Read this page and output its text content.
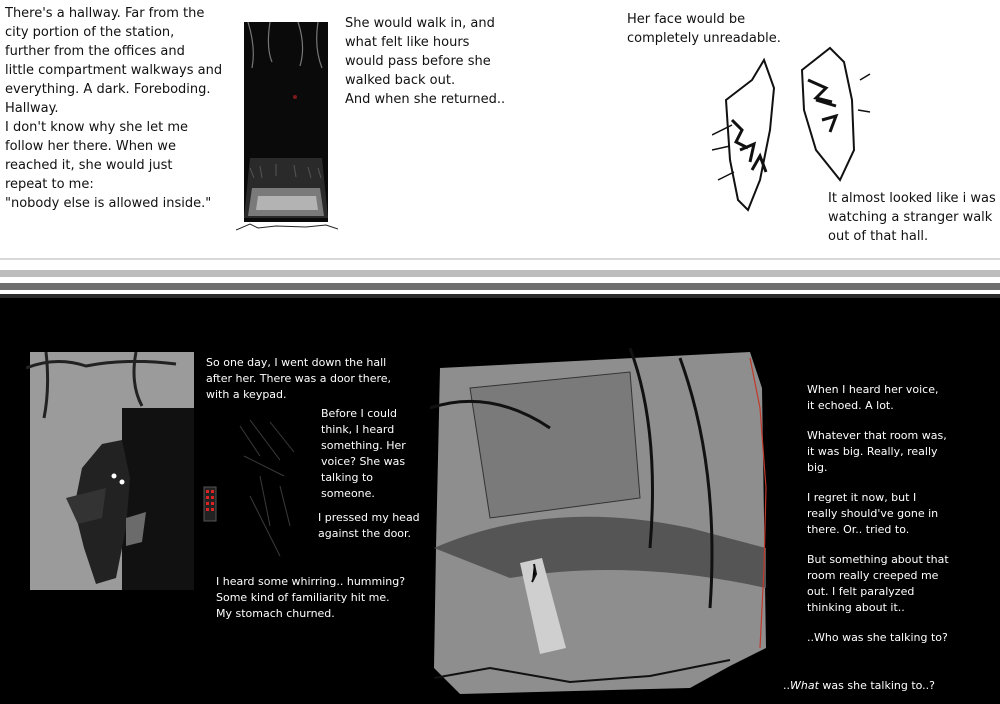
There's a hallway. Far from the
city portion of the station,
further from the offices and
little compartment walkways and
everything. A dark. Foreboding.
Hallway.
I don't know why she let me
follow her there. When we
reached it, she would just
repeat to me:
"nobody else is allowed inside."
She would walk in, and
what felt like hours
would pass before she
walked back out.
And when she returned..
Her face would be
completely unreadable.
It almost looked like i was
watching a stranger walk
out of that hall.
So one day, I went down the hall
after her. There was a door there,
with a keypad.
Before I could
think, I heard
something. Her
voice? She was
talking to
someone.
I pressed my head
against the door.
I heard some whirring.. humming?
Some kind of familiarity hit me.
My stomach churned.
When I heard her voice,
it echoed. A lot.
Whatever that room was,
it was big. Really, really
big.
I regret it now, but I
really should've gone in
there. Or.. tried to.
But something about that
room really creeped me
out. I felt paralyzed
thinking about it..
..Who was she talking to?
..What was she talking to..?
